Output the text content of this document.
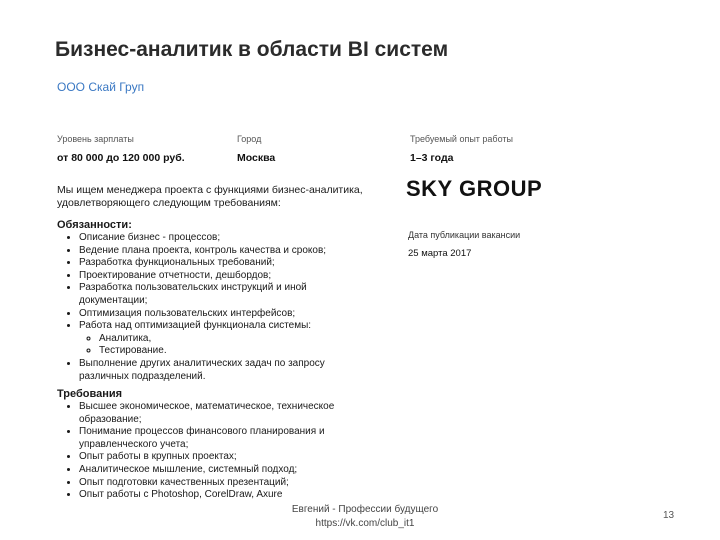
Бизнес-аналитик в области BI систем
ООО Скай Груп
Уровень зарплаты
от 80 000 до 120 000 руб.
Город
Москва
Требуемый опыт работы
1–3 года
Мы ищем менеджера проекта с функциями бизнес-аналитика, удовлетворяющего следующим требованиям:
Обязанности:
• Описание бизнес - процессов;
• Ведение плана проекта, контроль качества и сроков;
• Разработка функциональных требований;
• Проектирование отчетности, дешбордов;
• Разработка пользовательских инструкций и иной документации;
• Оптимизация пользовательских интерфейсов;
• Работа над оптимизацией функционала системы:
◦ Аналитика,
◦ Тестирование.
• Выполнение других аналитических задач по запросу различных подразделений.
Требования
• Высшее экономическое, математическое, техническое образование;
• Понимание процессов финансового планирования и управленческого учета;
• Опыт работы в крупных проектах;
• Аналитическое мышление, системный подход;
• Опыт подготовки качественных презентаций;
• Опыт работы с Photoshop, CorelDraw, Axure
SKY GROUP
Дата публикации вакансии
25 марта 2017
Евгений - Профессии будущего
https://vk.com/club_it1
13
